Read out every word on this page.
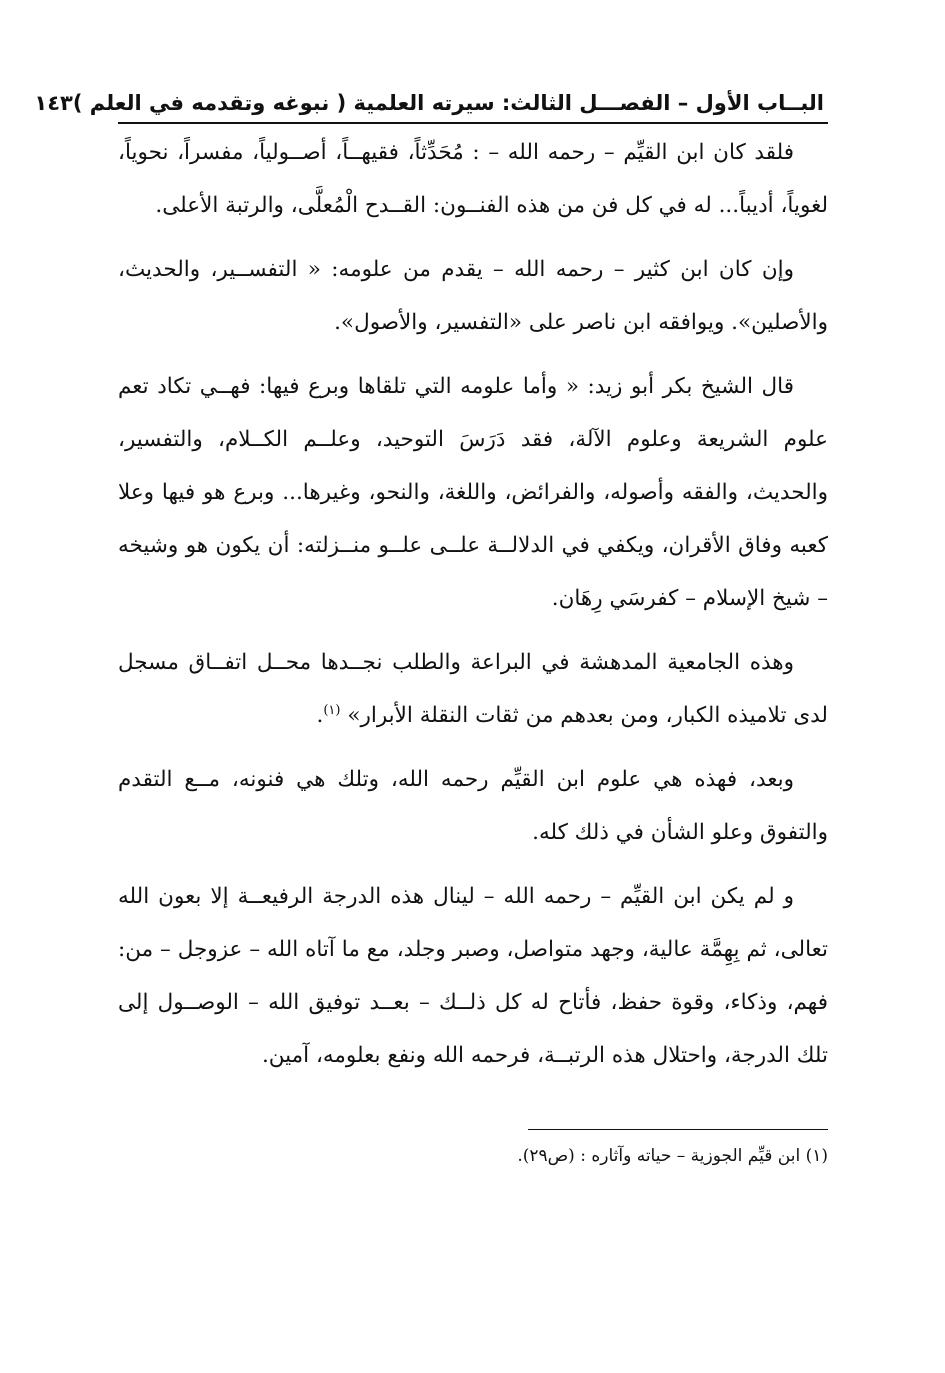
البــاب الأول – الفصـــل الثالث: سيرته العلمية ( نبوغه وتقدمه في العلم )
١٤٣

فلقد كان ابن القيِّم – رحمه الله – : مُحَدِّثاً، فقيهــاً، أصــولياً، مفسراً، نحوياً، لغوياً، أديباً... له في كل فن من هذه الفنــون: القــدح الْمُعلَّى، والرتبة الأعلى.

وإن كان ابن كثير – رحمه الله – يقدم من علومه: « التفســير، والحديث، والأصلين». ويوافقه ابن ناصر على «التفسير، والأصول».

قال الشيخ بكر أبو زيد: « وأما علومه التي تلقاها وبرع فيها: فهــي تكاد تعم علوم الشريعة وعلوم الآلة، فقد دَرَسَ التوحيد، وعلــم الكــلام، والتفسير، والحديث، والفقه وأصوله، والفرائض، واللغة، والنحو، وغيرها... وبرع هو فيها وعلا كعبه وفاق الأقران، ويكفي في الدلالــة علــى علــو منــزلته: أن يكون هو وشيخه – شيخ الإسلام – كفرسَي رِهَان.

وهذه الجامعية المدهشة في البراعة والطلب نجــدها محــل اتفــاق مسجل لدى تلاميذه الكبار، ومن بعدهم من ثقات النقلة الأبرار» $^{(١)}$.

وبعد، فهذه هي علوم ابن القيِّم رحمه الله، وتلك هي فنونه، مــع التقدم والتفوق وعلو الشأن في ذلك كله.

و لم يكن ابن القيِّم – رحمه الله – لينال هذه الدرجة الرفيعــة إلا بعون الله تعالى، ثم بِهِمَّة عالية، وجهد متواصل، وصبر وجلد، مع ما آتاه الله – عزوجل – من: فهم، وذكاء، وقوة حفظ، فأتاح له كل ذلــك – بعــد توفيق الله – الوصــول إلى تلك الدرجة، واحتلال هذه الرتبــة، فرحمه الله ونفع بعلومه، آمين.

(١) ابن قيِّم الجوزية – حياته وآثاره : (ص٢٩).
